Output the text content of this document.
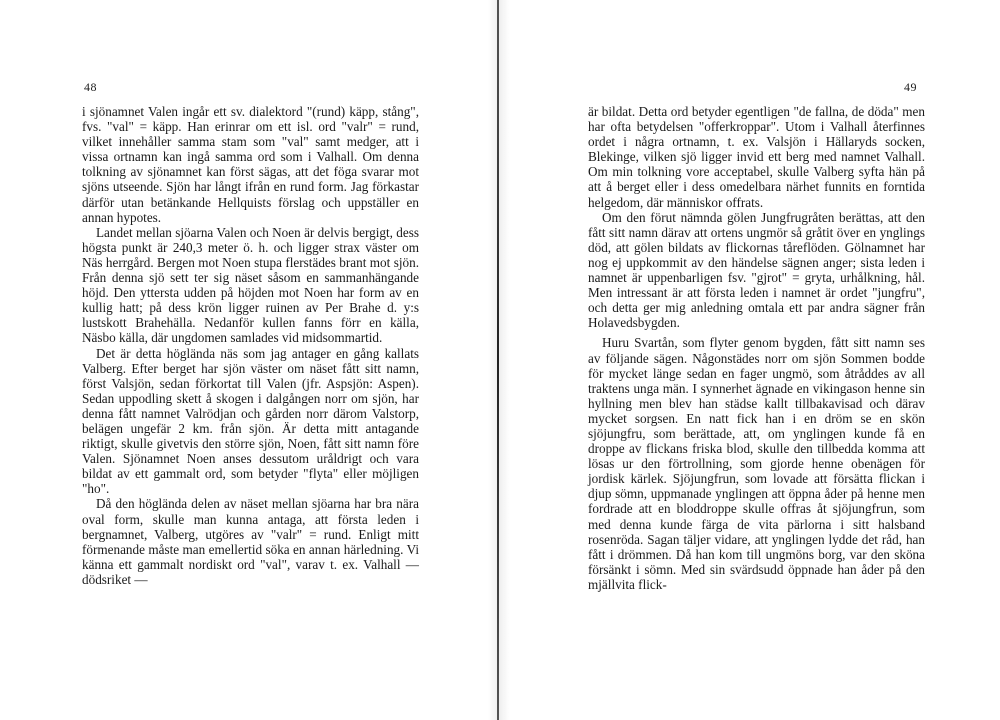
48

i sjönamnet Valen ingår ett sv. dialektord "(rund) käpp, stång", fvs. "val" = käpp. Han erinrar om ett isl. ord "valr" = rund, vilket innehåller samma stam som "val" samt medger, att i vissa ortnamn kan ingå samma ord som i Valhall. Om denna tolkning av sjönamnet kan först sägas, att det föga svarar mot sjöns utseende. Sjön har långt ifrån en rund form. Jag förkastar därför utan betänkande Hellquists förslag och uppställer en annan hypotes.

Landet mellan sjöarna Valen och Noen är delvis bergigt, dess högsta punkt är 240,3 meter ö. h. och ligger strax väster om Näs herrgård. Bergen mot Noen stupa flerstädes brant mot sjön. Från denna sjö sett ter sig näset såsom en sammanhängande höjd. Den yttersta udden på höjden mot Noen har form av en kullig hatt; på dess krön ligger ruinen av Per Brahe d. y:s lustskott Brahehälla. Nedanför kullen fanns förr en källa, Näsbo källa, där ungdomen samlades vid midsommartid.

Det är detta höglända näs som jag antager en gång kallats Valberg. Efter berget har sjön väster om näset fått sitt namn, först Valsjön, sedan förkortat till Valen (jfr. Aspsjön: Aspen). Sedan uppodling skett å skogen i dalgången norr om sjön, har denna fått namnet Valrödjan och gården norr därom Valstorp, belägen ungefär 2 km. från sjön. Är detta mitt antagande riktigt, skulle givetvis den större sjön, Noen, fått sitt namn före Valen. Sjönamnet Noen anses dessutom uråldrigt och vara bildat av ett gammalt ord, som betyder "flyta" eller möjligen "ho".

Då den höglända delen av näset mellan sjöarna har bra nära oval form, skulle man kunna antaga, att första leden i bergnamnet, Valberg, utgöres av "valr" = rund. Enligt mitt förmenande måste man emellertid söka en annan härledning. Vi känna ett gammalt nordiskt ord "val", varav t. ex. Valhall — dödsriket —

49

är bildat. Detta ord betyder egentligen "de fallna, de döda" men har ofta betydelsen "offerkroppar". Utom i Valhall återfinnes ordet i några ortnamn, t. ex. Valsjön i Hällaryds socken, Blekinge, vilken sjö ligger invid ett berg med namnet Valhall. Om min tolkning vore acceptabel, skulle Valberg syfta hän på att å berget eller i dess omedelbara närhet funnits en forntida helgedom, där människor offrats.

Om den förut nämnda gölen Jungfrugråten berättas, att den fått sitt namn därav att ortens ungmör så gråtit över en ynglings död, att gölen bildats av flickornas tåreflöden. Gölnamnet har nog ej uppkommit av den händelse sägnen anger; sista leden i namnet är uppenbarligen fsv. "gjrot" = gryta, urhålkning, hål. Men intressant är att första leden i namnet är ordet "jungfru", och detta ger mig anledning omtala ett par andra sägner från Holavedsbygden.

Huru Svartån, som flyter genom bygden, fått sitt namn ses av följande sägen. Någonstädes norr om sjön Sommen bodde för mycket länge sedan en fager ungmö, som åtråddes av all traktens unga män. I synnerhet ägnade en vikingason henne sin hyllning men blev han städse kallt tillbakavisad och därav mycket sorgsen. En natt fick han i en dröm se en skön sjöjungfru, som berättade, att, om ynglingen kunde få en droppe av flickans friska blod, skulle den tillbedda komma att lösas ur den förtrollning, som gjorde henne obenägen för jordisk kärlek. Sjöjungfrun, som lovade att försätta flickan i djup sömn, uppmanade ynglingen att öppna åder på henne men fordrade att en bloddroppe skulle offras åt sjöjungfrun, som med denna kunde färga de vita pärlorna i sitt halsband rosenröda. Sagan täljer vidare, att ynglingen lydde det råd, han fått i drömmen. Då han kom till ungmöns borg, var den sköna försänkt i sömn. Med sin svärdsudd öppnade han åder på den mjällvita flick-
